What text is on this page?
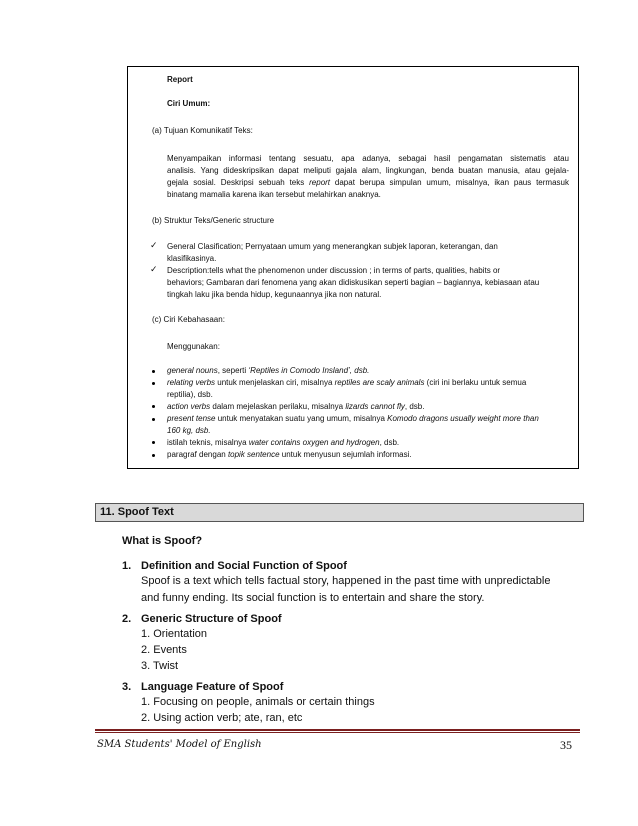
Report
Ciri Umum:
(a) Tujuan Komunikatif Teks:
Menyampaikan informasi tentang sesuatu, apa adanya, sebagai hasil pengamatan sistematis atau
analisis. Yang dideskripsikan dapat meliputi gajala alam, lingkungan, benda buatan manusia, atau gejala-
gejala sosial. Deskripsi sebuah teks report dapat berupa simpulan umum, misalnya, ikan paus termasuk
binatang mamalia karena ikan tersebut melahirkan anaknya.
(b) Struktur Teks/Generic structure
✓ General Clasification; Pernyataan umum yang menerangkan subjek laporan, keterangan, dan
klasifikasinya.
✓ Description:tells what the phenomenon under discussion ; in terms of parts, qualities, habits or
behaviors; Gambaran dari fenomena yang akan didiskusikan seperti bagian – bagiannya, kebiasaan atau
tingkah laku jika benda hidup, kegunaannya jika non natural.
(c) Ciri Kebahasaan:
Menggunakan:
general nouns, seperti ‘Reptiles in Comodo Insland’, dsb.
relating verbs untuk menjelaskan ciri, misalnya reptiles are scaly animals (ciri ini berlaku untuk semua
reptilia), dsb.
action verbs dalam mejelaskan perilaku, misalnya lizards cannot fly, dsb.
present tense untuk menyatakan suatu yang umum, misalnya Komodo dragons usually weight more than
160 kg, dsb.
istilah teknis, misalnya water contains oxygen and hydrogen, dsb.
paragraf dengan topik sentence untuk menyusun sejumlah informasi.
11. Spoof Text
What is Spoof?
1. Definition and Social Function of Spoof
Spoof is a text which tells factual story, happened in the past time with unpredictable
and funny ending. Its social function is to entertain and share the story.
2. Generic Structure of Spoof
1. Orientation
2. Events
3. Twist
3. Language Feature of Spoof
1. Focusing on people, animals or certain things
2. Using action verb; ate, ran, etc
SMA Students' Model of English	35
